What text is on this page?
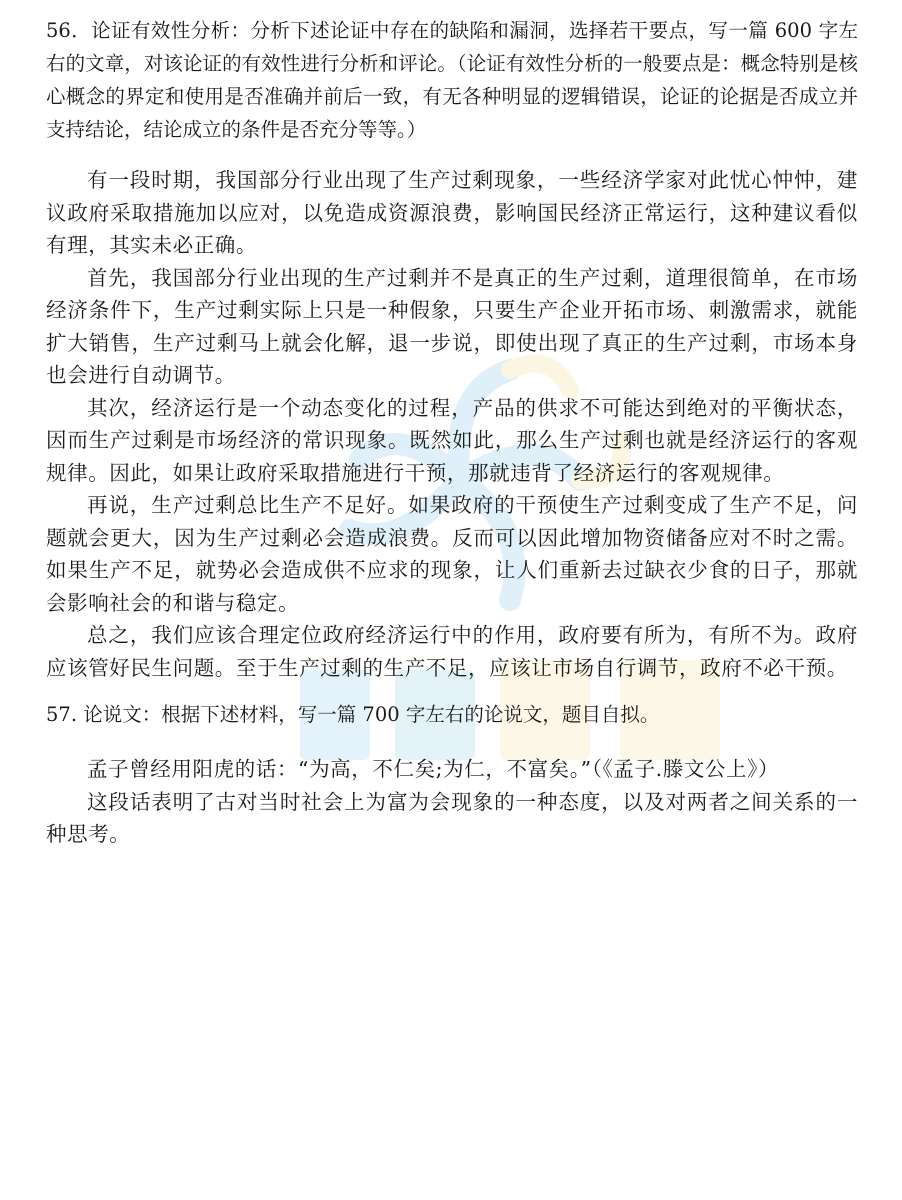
56．论证有效性分析：分析下述论证中存在的缺陷和漏洞，选择若干要点，写一篇 600 字左右的文章，对该论证的有效性进行分析和评论。（论证有效性分析的一般要点是：概念特别是核心概念的界定和使用是否准确并前后一致，有无各种明显的逻辑错误，论证的论据是否成立并支持结论，结论成立的条件是否充分等等。）

有一段时期，我国部分行业出现了生产过剩现象，一些经济学家对此忧心忡忡，建议政府采取措施加以应对，以免造成资源浪费，影响国民经济正常运行，这种建议看似有理，其实未必正确。

首先，我国部分行业出现的生产过剩并不是真正的生产过剩，道理很简单，在市场经济条件下，生产过剩实际上只是一种假象，只要生产企业开拓市场、刺激需求，就能扩大销售，生产过剩马上就会化解，退一步说，即使出现了真正的生产过剩，市场本身也会进行自动调节。

其次，经济运行是一个动态变化的过程，产品的供求不可能达到绝对的平衡状态，因而生产过剩是市场经济的常识现象。既然如此，那么生产过剩也就是经济运行的客观规律。因此，如果让政府采取措施进行干预，那就违背了经济运行的客观规律。

再说，生产过剩总比生产不足好。如果政府的干预使生产过剩变成了生产不足，问题就会更大，因为生产过剩必会造成浪费。反而可以因此增加物资储备应对不时之需。如果生产不足，就势必会造成供不应求的现象，让人们重新去过缺衣少食的日子，那就会影响社会的和谐与稳定。

总之，我们应该合理定位政府经济运行中的作用，政府要有所为，有所不为。政府应该管好民生问题。至于生产过剩的生产不足，应该让市场自行调节，政府不必干预。

57. 论说文：根据下述材料，写一篇 700 字左右的论说文，题目自拟。

孟子曾经用阳虎的话：“为高，不仁矣;为仁，不富矣。”（《孟子.滕文公上》）

这段话表明了古对当时社会上为富为会现象的一种态度，以及对两者之间关系的一种思考。
